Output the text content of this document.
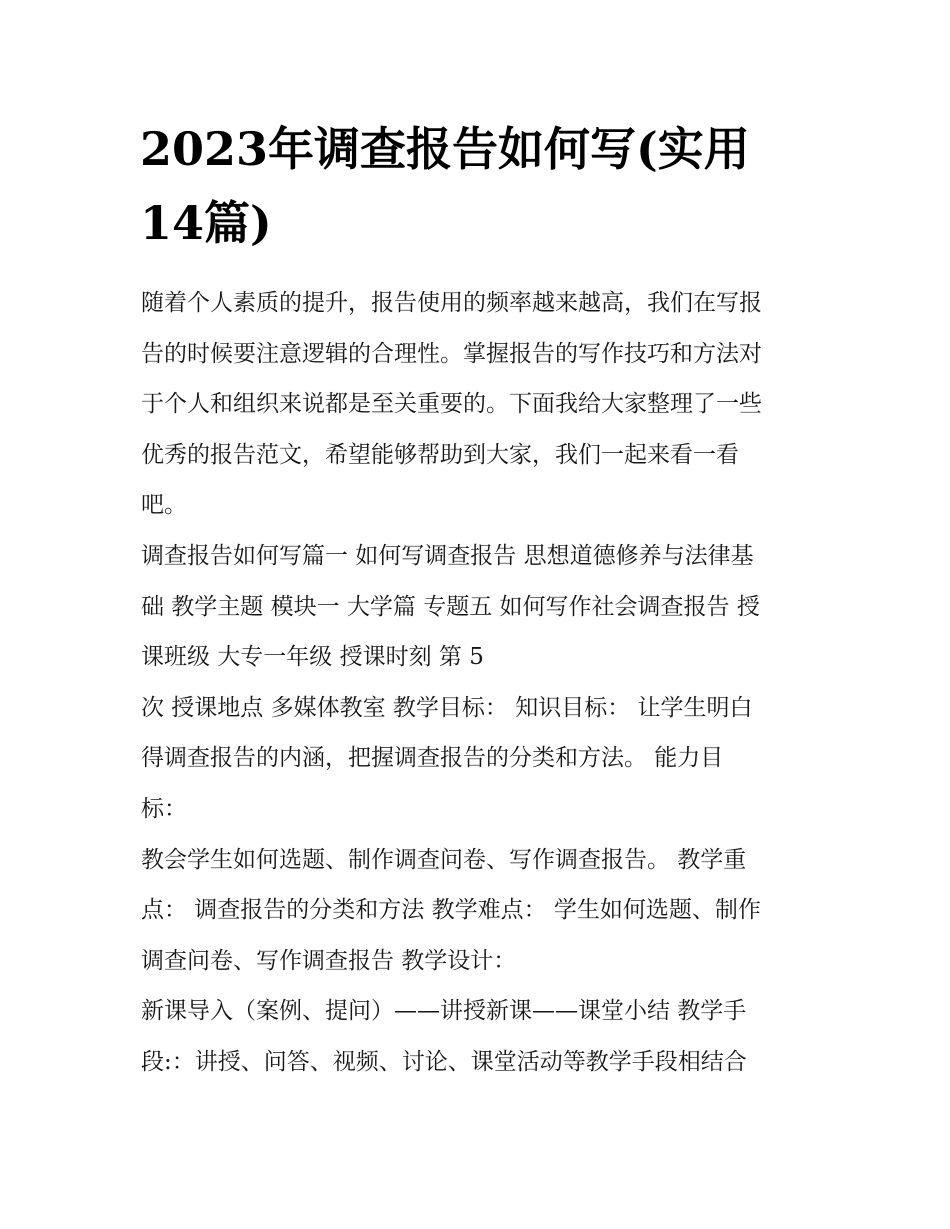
2023年调查报告如何写(实用
14篇)
随着个人素质的提升，报告使用的频率越来越高，我们在写报
告的时候要注意逻辑的合理性。掌握报告的写作技巧和方法对
于个人和组织来说都是至关重要的。下面我给大家整理了一些
优秀的报告范文，希望能够帮助到大家，我们一起来看一看
吧。
调查报告如何写篇一 如何写调查报告 思想道德修养与法律基
础 教学主题 模块一 大学篇 专题五 如何写作社会调查报告 授
课班级 大专一年级 授课时刻 第 5
次 授课地点 多媒体教室 教学目标： 知识目标： 让学生明白
得调查报告的内涵，把握调查报告的分类和方法。 能力目
标：
教会学生如何选题、制作调查问卷、写作调查报告。 教学重
点： 调查报告的分类和方法 教学难点： 学生如何选题、制作
调查问卷、写作调查报告 教学设计：
新课导入（案例、提问）——讲授新课——课堂小结 教学手
段:：讲授、问答、视频、讨论、课堂活动等教学手段相结合
